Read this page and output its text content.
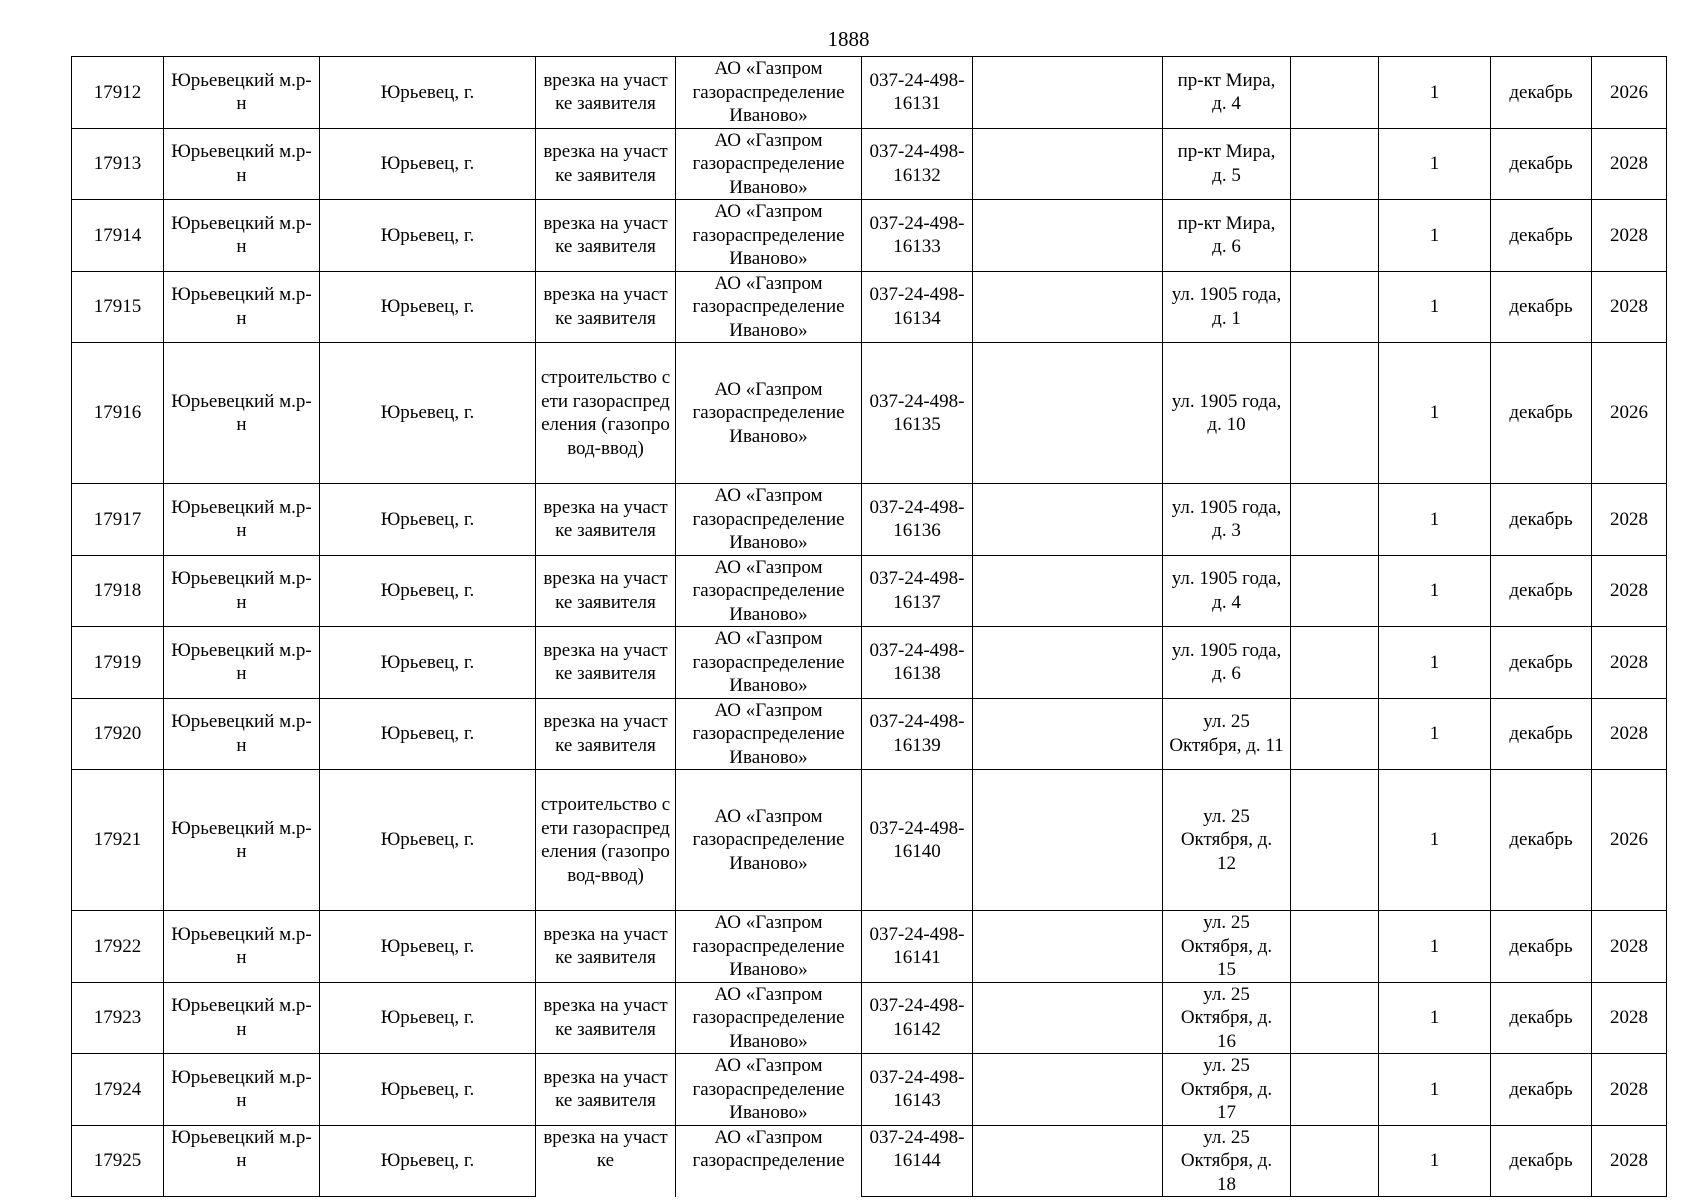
1888
17912	Юрьевецкий м.р-н	Юрьевец, г.	врезка на участке заявителя	АО «Газпром газораспределение Иваново»	037-24-498-16131		пр-кт Мира, д. 4		1	декабрь	2026
17913	Юрьевецкий м.р-н	Юрьевец, г.	врезка на участке заявителя	АО «Газпром газораспределение Иваново»	037-24-498-16132		пр-кт Мира, д. 5		1	декабрь	2028
17914	Юрьевецкий м.р-н	Юрьевец, г.	врезка на участке заявителя	АО «Газпром газораспределение Иваново»	037-24-498-16133		пр-кт Мира, д. 6		1	декабрь	2028
17915	Юрьевецкий м.р-н	Юрьевец, г.	врезка на участке заявителя	АО «Газпром газораспределение Иваново»	037-24-498-16134		ул. 1905 года, д. 1		1	декабрь	2028
17916	Юрьевецкий м.р-н	Юрьевец, г.	строительство сети газораспределения (газопровод-ввод)	АО «Газпром газораспределение Иваново»	037-24-498-16135		ул. 1905 года, д. 10		1	декабрь	2026
17917	Юрьевецкий м.р-н	Юрьевец, г.	врезка на участке заявителя	АО «Газпром газораспределение Иваново»	037-24-498-16136		ул. 1905 года, д. 3		1	декабрь	2028
17918	Юрьевецкий м.р-н	Юрьевец, г.	врезка на участке заявителя	АО «Газпром газораспределение Иваново»	037-24-498-16137		ул. 1905 года, д. 4		1	декабрь	2028
17919	Юрьевецкий м.р-н	Юрьевец, г.	врезка на участке заявителя	АО «Газпром газораспределение Иваново»	037-24-498-16138		ул. 1905 года, д. 6		1	декабрь	2028
17920	Юрьевецкий м.р-н	Юрьевец, г.	врезка на участке заявителя	АО «Газпром газораспределение Иваново»	037-24-498-16139		ул. 25 Октября, д. 11		1	декабрь	2028
17921	Юрьевецкий м.р-н	Юрьевец, г.	строительство сети газораспределения (газопровод-ввод)	АО «Газпром газораспределение Иваново»	037-24-498-16140		ул. 25 Октября, д. 12		1	декабрь	2026
17922	Юрьевецкий м.р-н	Юрьевец, г.	врезка на участке заявителя	АО «Газпром газораспределение Иваново»	037-24-498-16141		ул. 25 Октября, д. 15		1	декабрь	2028
17923	Юрьевецкий м.р-н	Юрьевец, г.	врезка на участке заявителя	АО «Газпром газораспределение Иваново»	037-24-498-16142		ул. 25 Октября, д. 16		1	декабрь	2028
17924	Юрьевецкий м.р-н	Юрьевец, г.	врезка на участке заявителя	АО «Газпром газораспределение Иваново»	037-24-498-16143		ул. 25 Октября, д. 17		1	декабрь	2028
17925	Юрьевецкий м.р-н	Юрьевец, г.	врезка на участке	АО «Газпром газораспределение	037-24-498-16144		ул. 25 Октября, д. 18		1	декабрь	2028
